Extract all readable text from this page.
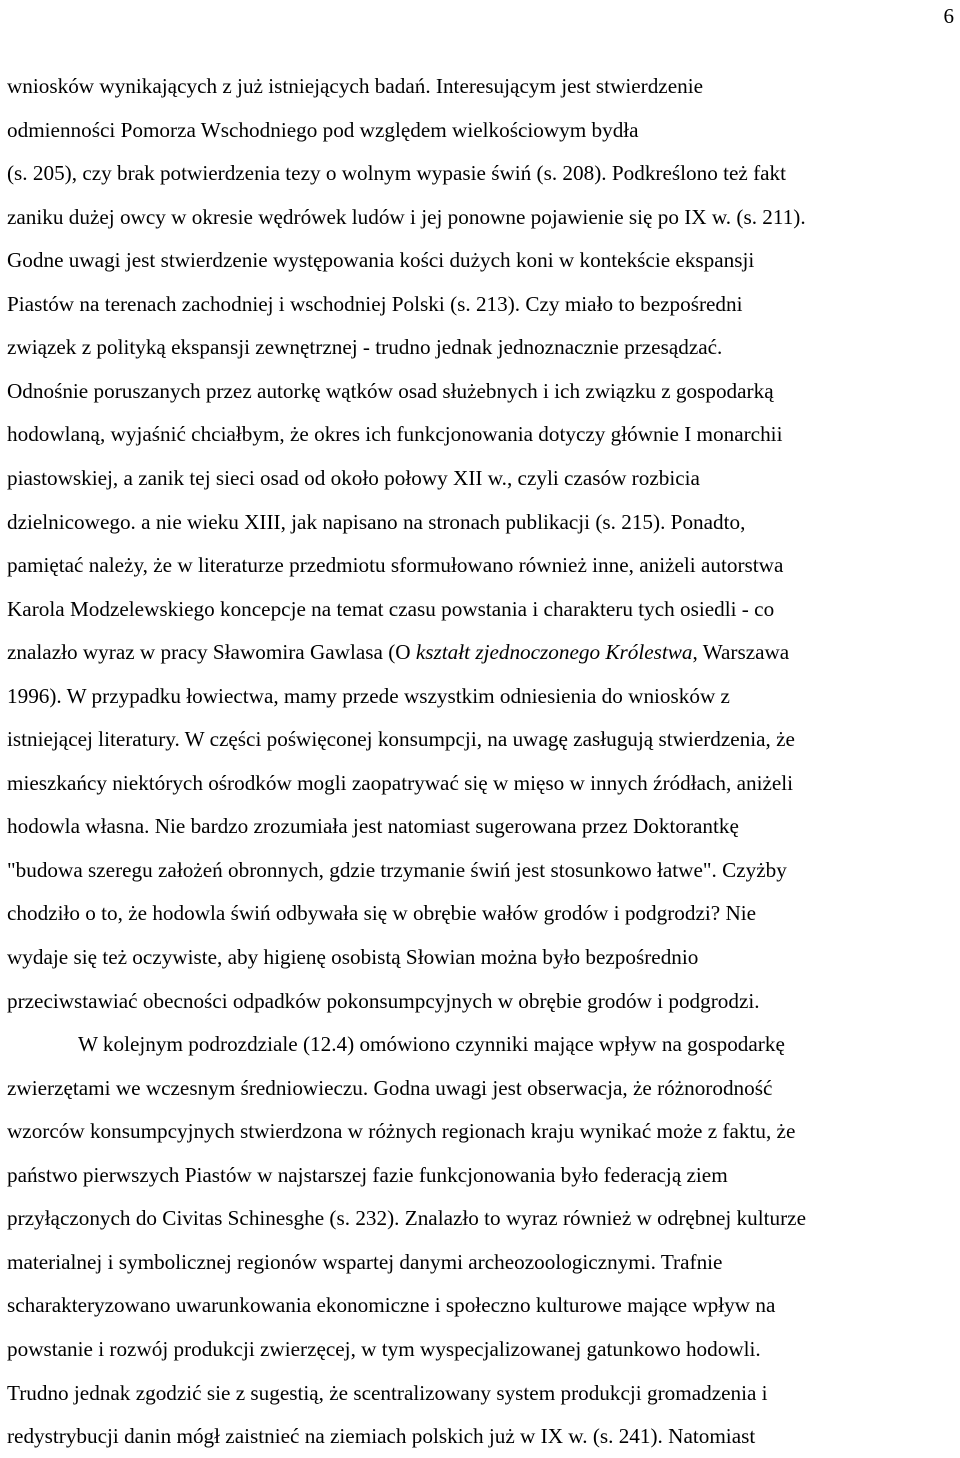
6
wniosków wynikających z już istniejących badań. Interesującym jest stwierdzenie
odmienności Pomorza Wschodniego pod względem wielkościowym bydła
(s. 205), czy brak potwierdzenia tezy o wolnym wypasie świń (s. 208). Podkreślono też fakt
zaniku dużej owcy w okresie wędrówek ludów i jej ponowne pojawienie się po IX w. (s. 211).
Godne uwagi jest stwierdzenie występowania kości dużych koni w kontekście ekspansji
Piastów na terenach zachodniej i wschodniej Polski (s. 213). Czy miało to bezpośredni
związek z polityką ekspansji zewnętrznej - trudno jednak jednoznacznie przesądzać.
Odnośnie poruszanych przez autorkę wątków osad służebnych i ich związku z gospodarką
hodowlaną, wyjaśnić chciałbym, że okres ich funkcjonowania dotyczy głównie I monarchii
piastowskiej, a zanik tej sieci osad od około połowy XII w., czyli czasów rozbicia
dzielnicowego. a nie wieku XIII, jak napisano na stronach publikacji (s. 215). Ponadto,
pamiętać należy, że w literaturze przedmiotu sformułowano również inne, aniżeli autorstwa
Karola Modzelewskiego koncepcje na temat czasu powstania i charakteru tych osiedli - co
znalazło wyraz w pracy Sławomira Gawlasa (O kształt zjednoczonego Królestwa, Warszawa
1996). W przypadku łowiectwa, mamy przede wszystkim odniesienia do wniosków z
istniejącej literatury. W części poświęconej konsumpcji, na uwagę zasługują stwierdzenia, że
mieszkańcy niektórych ośrodków mogli zaopatrywać się w mięso w innych źródłach, aniżeli
hodowla własna. Nie bardzo zrozumiała jest natomiast sugerowana przez Doktorantkę
"budowa szeregu założeń obronnych, gdzie trzymanie świń jest stosunkowo łatwe". Czyżby
chodziło o to, że hodowla świń odbywała się w obrębie wałów grodów i podgrodzi? Nie
wydaje się też oczywiste, aby higienę osobistą Słowian można było bezpośrednio
przeciwstawiać obecności odpadków pokonsumpcyjnych w obrębie grodów i podgrodzi.
W kolejnym podrozdziale (12.4) omówiono czynniki mające wpływ na gospodarkę
zwierzętami we wczesnym średniowieczu. Godna uwagi jest obserwacja, że różnorodność
wzorców konsumpcyjnych stwierdzona w różnych regionach kraju wynikać może z faktu, że
państwo pierwszych Piastów w najstarszej fazie funkcjonowania było federacją ziem
przyłączonych do Civitas Schinesghe (s. 232). Znalazło to wyraz również w odrębnej kulturze
materialnej i symbolicznej regionów wspartej danymi archeozoologicznymi. Trafnie
scharakteryzowano uwarunkowania ekonomiczne i społeczno kulturowe mające wpływ na
powstanie i rozwój produkcji zwierzęcej, w tym wyspecjalizowanej gatunkowo hodowli.
Trudno jednak zgodzić sie z sugestią, że scentralizowany system produkcji gromadzenia i
redystrybucji danin mógł zaistnieć na ziemiach polskich już w IX w. (s. 241). Natomiast
